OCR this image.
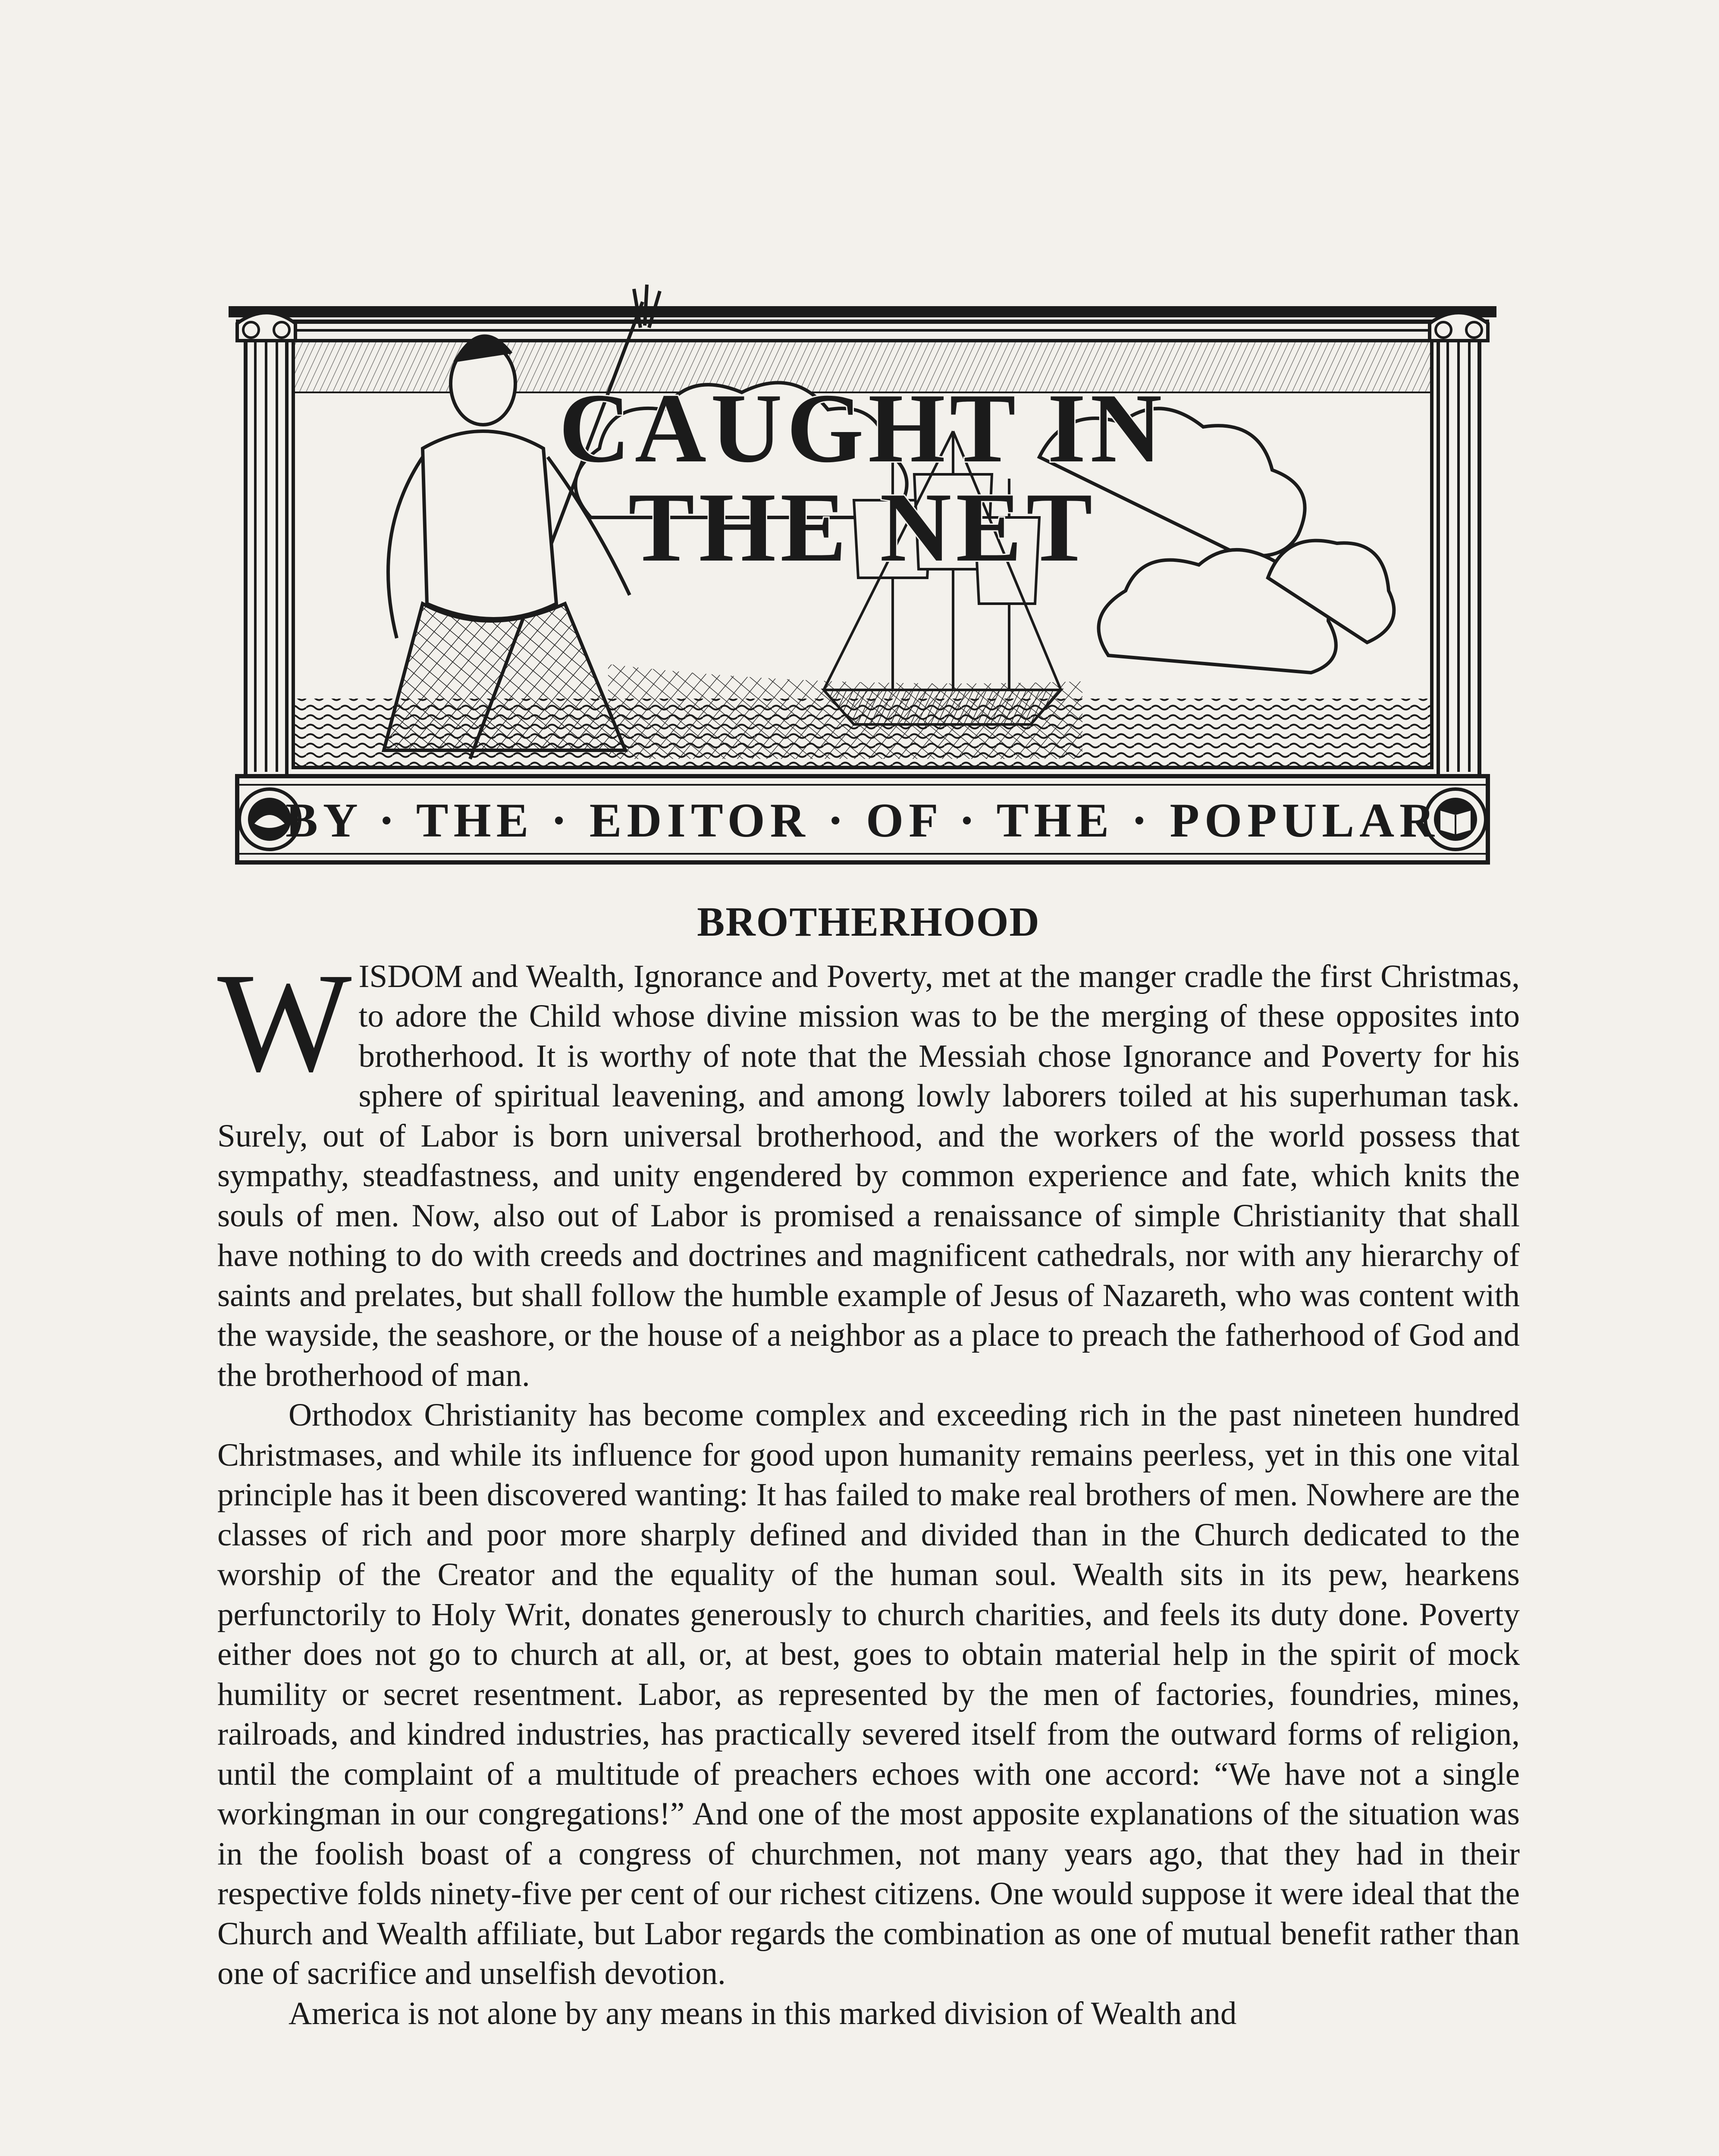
CAUGHT IN
THE NET
BY · THE · EDITOR · OF · THE · POPULAR
BROTHERHOOD

WISDOM and Wealth, Ignorance and Poverty, met at the manger cradle the first Christmas, to adore the Child whose divine mission was to be the merging of these opposites into brotherhood. It is worthy of note that the Messiah chose Ignorance and Poverty for his sphere of spiritual leavening, and among lowly laborers toiled at his superhuman task. Surely, out of Labor is born universal brotherhood, and the workers of the world possess that sympathy, steadfastness, and unity engendered by common experience and fate, which knits the souls of men. Now, also out of Labor is promised a renaissance of simple Christianity that shall have nothing to do with creeds and doctrines and magnificent cathedrals, nor with any hierarchy of saints and prelates, but shall follow the humble example of Jesus of Nazareth, who was content with the wayside, the seashore, or the house of a neighbor as a place to preach the fatherhood of God and the brotherhood of man.

Orthodox Christianity has become complex and exceeding rich in the past nineteen hundred Christmases, and while its influence for good upon humanity remains peerless, yet in this one vital principle has it been discovered wanting: It has failed to make real brothers of men. Nowhere are the classes of rich and poor more sharply defined and divided than in the Church dedicated to the worship of the Creator and the equality of the human soul. Wealth sits in its pew, hearkens perfunctorily to Holy Writ, donates generously to church charities, and feels its duty done. Poverty either does not go to church at all, or, at best, goes to obtain material help in the spirit of mock humility or secret resentment. Labor, as represented by the men of factories, foundries, mines, railroads, and kindred industries, has practically severed itself from the outward forms of religion, until the complaint of a multitude of preachers echoes with one accord: “We have not a single workingman in our congregations!” And one of the most apposite explanations of the situation was in the foolish boast of a congress of churchmen, not many years ago, that they had in their respective folds ninety-five per cent of our richest citizens. One would suppose it were ideal that the Church and Wealth affiliate, but Labor regards the combination as one of mutual benefit rather than one of sacrifice and unselfish devotion.

America is not alone by any means in this marked division of Wealth and
